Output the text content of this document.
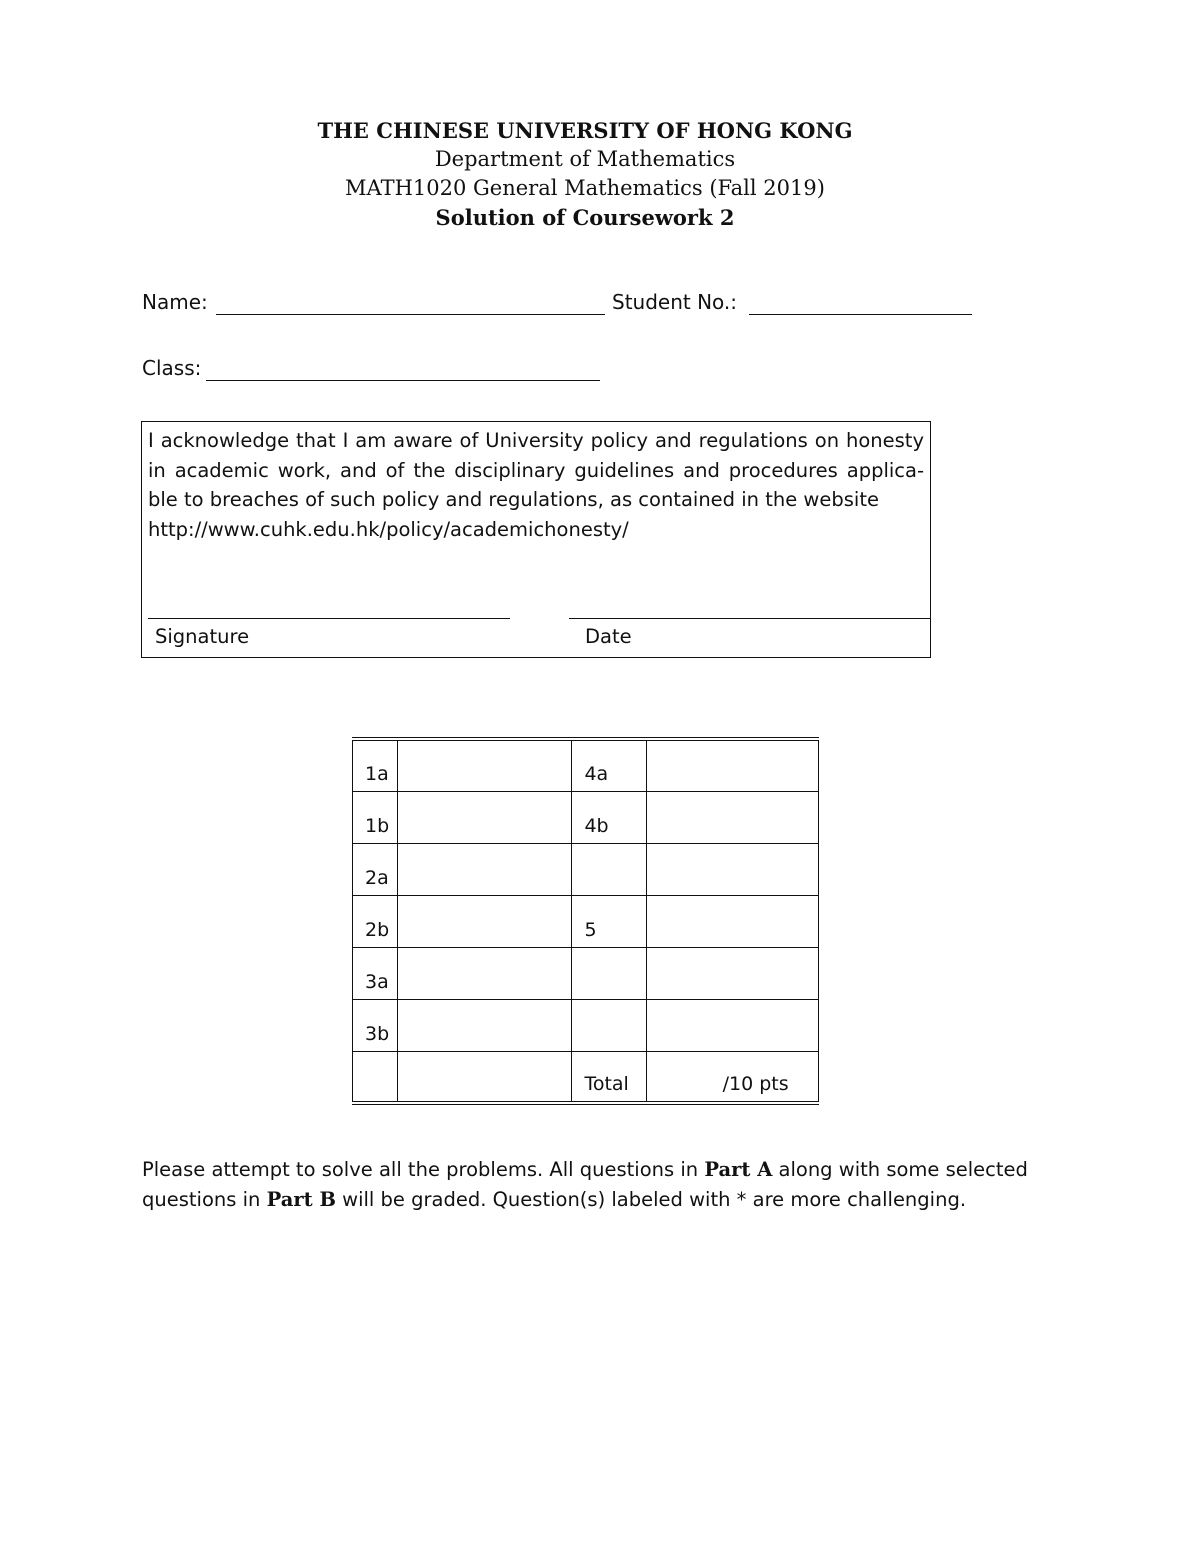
THE CHINESE UNIVERSITY OF HONG KONG
Department of Mathematics
MATH1020 General Mathematics (Fall 2019)
Solution of Coursework 2
Name:	Student No.:
Class:
I acknowledge that I am aware of University policy and regulations on honesty in academic work, and of the disciplinary guidelines and procedures applica-ble to breaches of such policy and regulations, as contained in the website
http://www.cuhk.edu.hk/policy/academichonesty/
Signature	Date
1a		4a	
1b		4b	
2a			
2b		5	
3a			
3b			
		Total	/10 pts
Please attempt to solve all the problems. All questions in Part A along with some selected questions in Part B will be graded. Question(s) labeled with * are more challenging.
